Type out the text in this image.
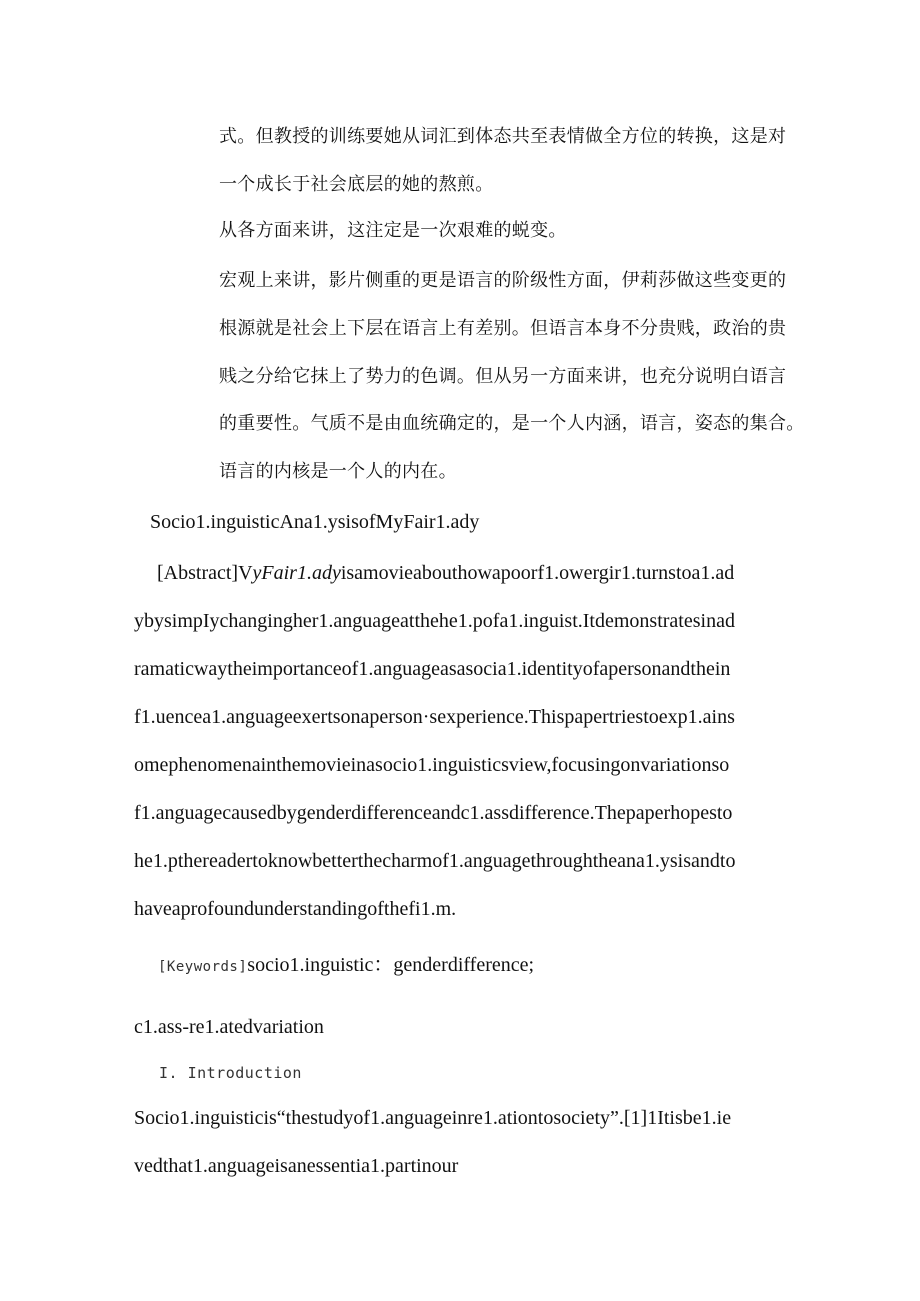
式。但教授的训练要她从词汇到体态共至表情做全方位的转换，这是对

一个成长于社会底层的她的熬煎。

从各方面来讲，这注定是一次艰难的蜕变。

宏观上来讲，影片侧重的更是语言的阶级性方面，伊莉莎做这些变更的

根源就是社会上下层在语言上有差别。但语言本身不分贵贱，政治的贵

贱之分给它抹上了势力的色调。但从另一方面来讲，也充分说明白语言

的重要性。气质不是由血统确定的，是一个人内涵，语言，姿态的集合。

语言的内核是一个人的内在。

Socio1.inguisticAna1.ysisofMyFair1.ady

[Abstract]VyFair1.adyisamovieabouthowapoorf1.owergir1.turnstoa1.ad

ybysimpIychangingher1.anguageatthehe1.pofa1.inguist.Itdemonstratesinad

ramaticwaytheimportanceof1.anguageasasocia1.identityofapersonandthein

f1.uencea1.anguageexertsonaperson·sexperience.Thispapertriestoexp1.ains

omephenomenainthemovieinasocio1.inguisticsview,focusingonvariationso

f1.anguagecausedbygenderdifferenceandc1.assdifference.Thepaperhopesto

he1.pthereadertoknowbetterthecharmof1.anguagethroughtheana1.ysisandto

haveaprofoundunderstandingofthefi1.m.

[Keywords]socio1.inguistic：genderdifference;

c1.ass-re1.atedvariation

I. Introduction

Socio1.inguisticis“thestudyof1.anguageinre1.ationtosociety”.[1]1Itisbe1.ie

vedthat1.anguageisanessentia1.partinour
